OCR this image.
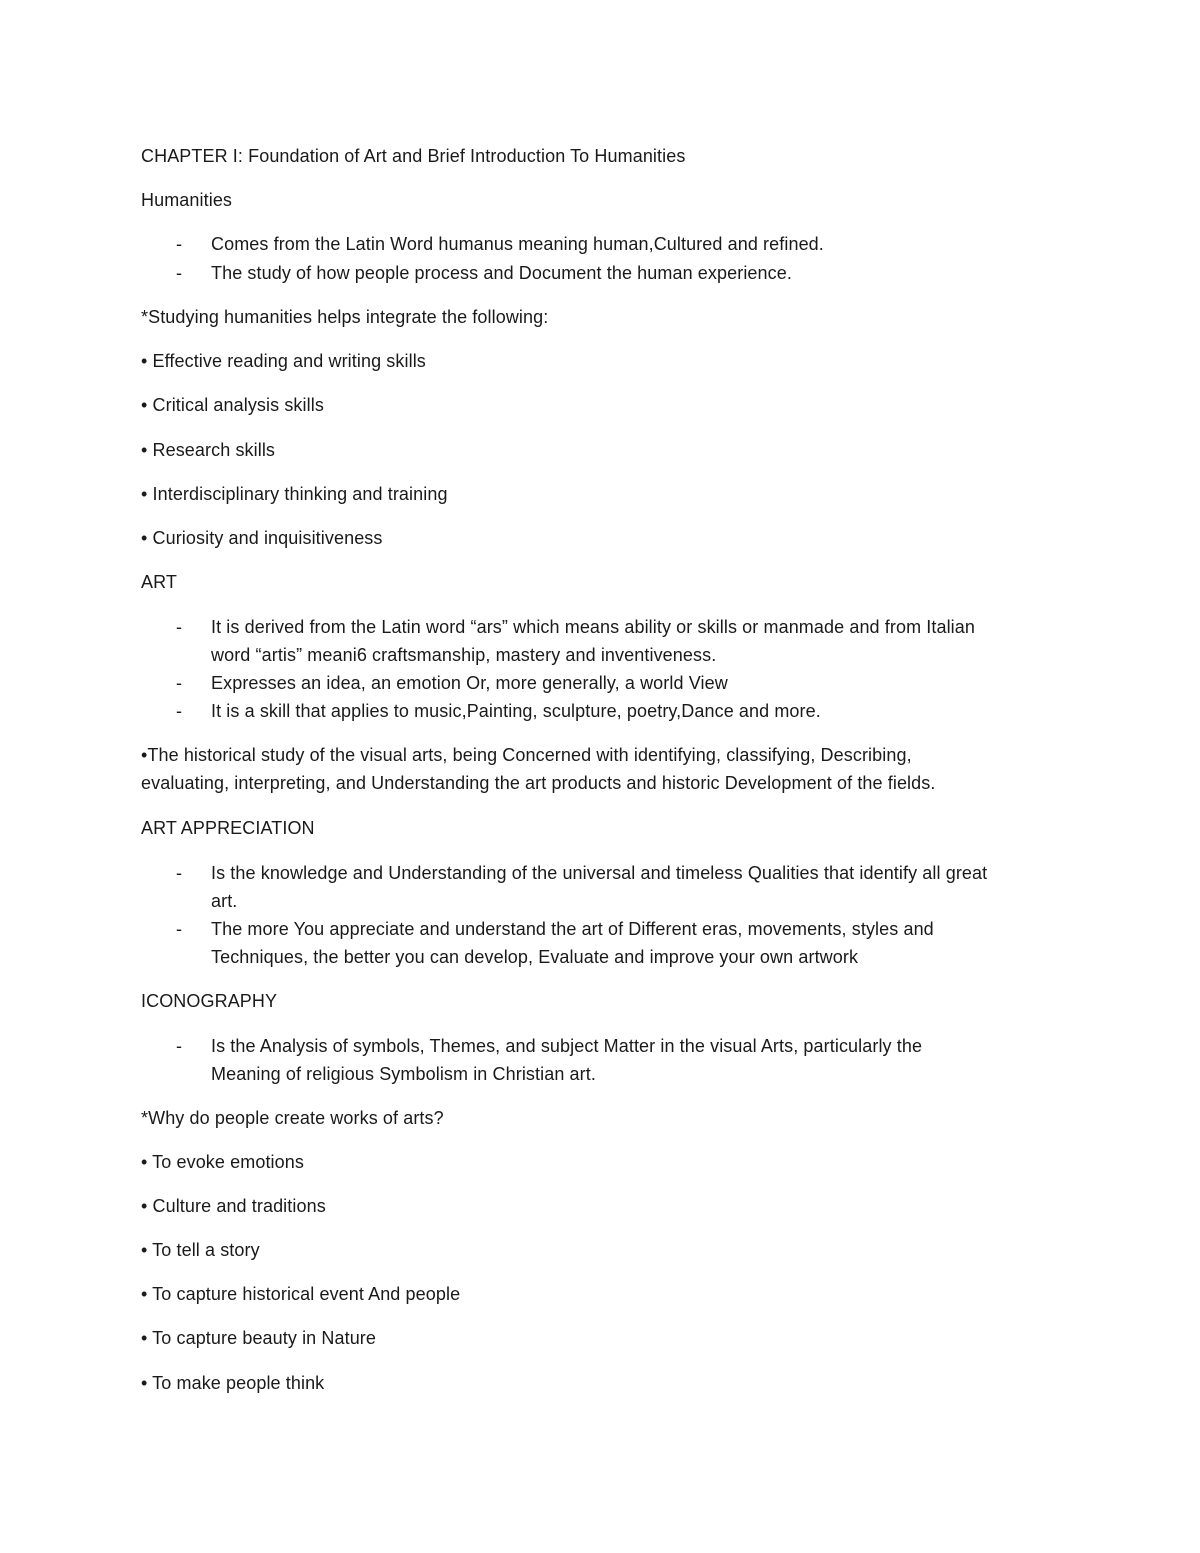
CHAPTER I: Foundation of Art and Brief Introduction To Humanities
Humanities
- Comes from the Latin Word humanus meaning human,Cultured and refined.
- The study of how people process and Document the human experience.
*Studying humanities helps integrate the following:
• Effective reading and writing skills
• Critical analysis skills
• Research skills
• Interdisciplinary thinking and training
• Curiosity and inquisitiveness
ART
- It is derived from the Latin word “ars” which means ability or skills or manmade and from Italian
word “artis” meani6 craftsmanship, mastery and inventiveness.
- Expresses an idea, an emotion Or, more generally, a world View
- It is a skill that applies to music,Painting, sculpture, poetry,Dance and more.
•The historical study of the visual arts, being Concerned with identifying, classifying, Describing,
evaluating, interpreting, and Understanding the art products and historic Development of the fields.
ART APPRECIATION
- Is the knowledge and Understanding of the universal and timeless Qualities that identify all great
art.
- The more You appreciate and understand the art of Different eras, movements, styles and
Techniques, the better you can develop, Evaluate and improve your own artwork
ICONOGRAPHY
- Is the Analysis of symbols, Themes, and subject Matter in the visual Arts, particularly the
Meaning of religious Symbolism in Christian art.
*Why do people create works of arts?
• To evoke emotions
• Culture and traditions
• To tell a story
• To capture historical event And people
• To capture beauty in Nature
• To make people think
